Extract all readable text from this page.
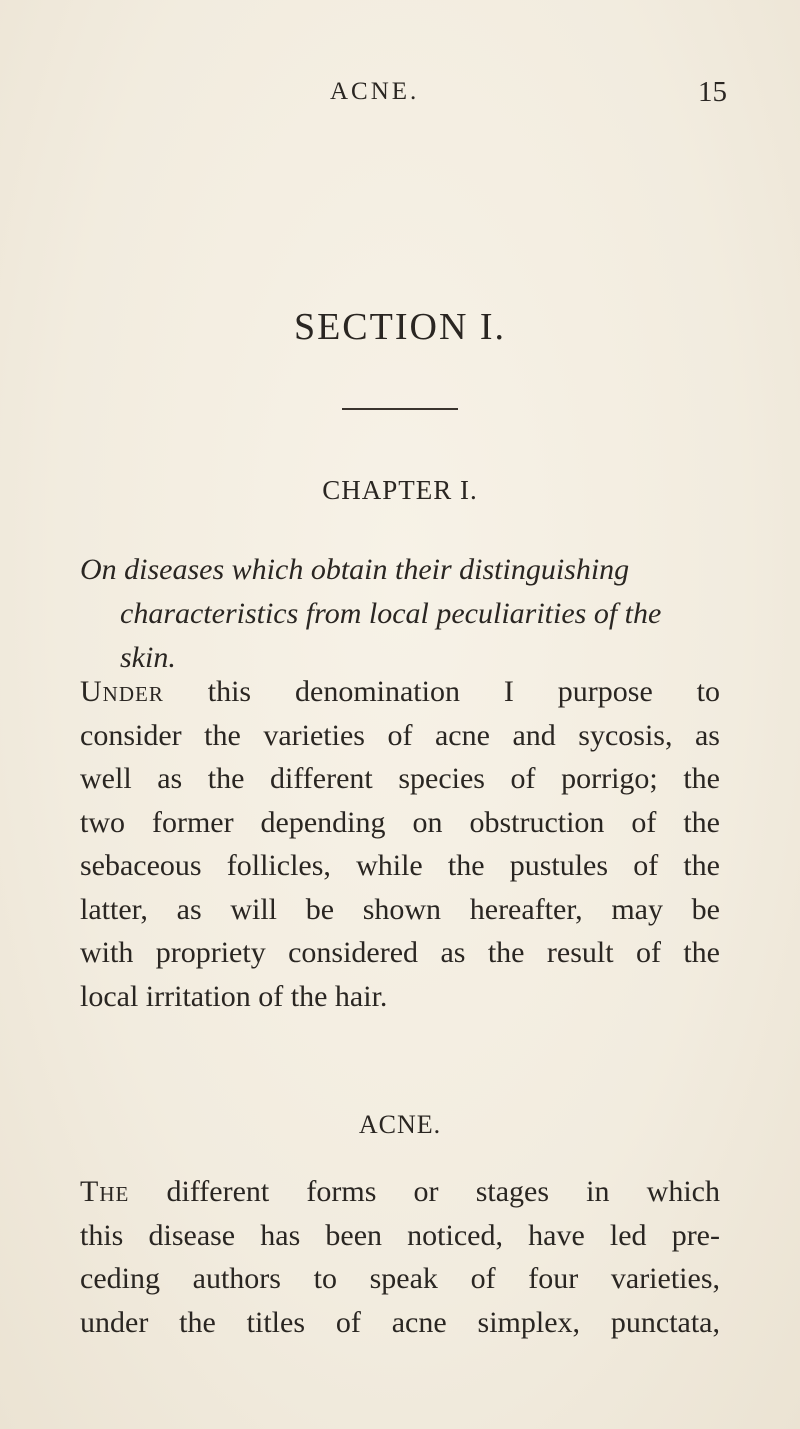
ACNE.	15
SECTION I.
CHAPTER I.
On diseases which obtain their distinguishing
characteristics from local peculiarities of the
skin.
Under this denomination I purpose to
consider the varieties of acne and sycosis, as
well as the different species of porrigo; the
two former depending on obstruction of the
sebaceous follicles, while the pustules of the
latter, as will be shown hereafter, may be
with propriety considered as the result of the
local irritation of the hair.
ACNE.
The different forms or stages in which
this disease has been noticed, have led pre-
ceding authors to speak of four varieties,
under the titles of acne simplex, punctata,
